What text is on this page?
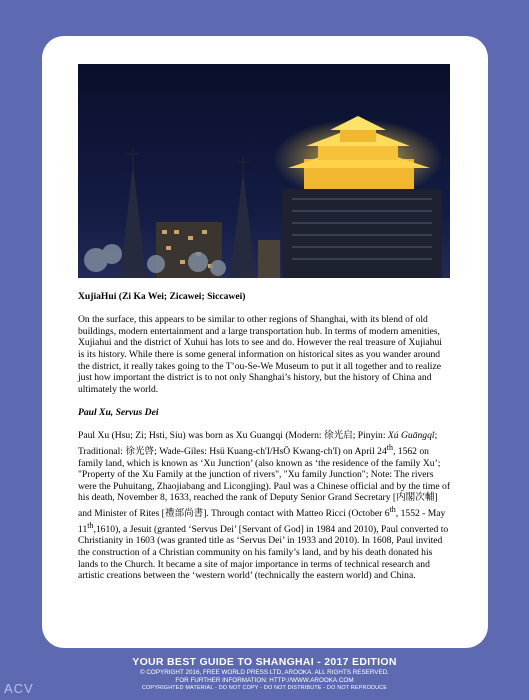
XujiaHui (Zi Ka Wei; Zicawei; Siccawei)

On the surface, this appears to be similar to other regions of Shanghai, with its blend of old buildings, modern entertainment and a large transportation hub. In terms of modern amenities, Xujiahui and the district of Xuhui has lots to see and do. However the real treasure of Xujiahui is its history. While there is some general information on historical sites as you wander around the district, it really takes going to the T’ou-Se-We Museum to put it all together and to realize just how important the district is to not only Shanghai’s history, but the history of China and ultimately the world.

Paul Xu, Servus Dei

Paul Xu (Hsu; Zi; Hsti, Siu) was born as Xu Guangqi (Modern: 徐光启; Pinyin: Xú Guāngqǐ; Traditional: 徐光啓; Wade-Giles: Hsü Kuang-ch'I/HsÖ Kwang-ch'I) on April 24th, 1562 on family land, which is known as ‘Xu Junction’ (also known as ‘the residence of the family Xu’; "Property of the Xu Family at the junction of rivers", "Xu family Junction"; Note: The rivers were the Puhuitang, Zhaojiabang and Licongjing). Paul was a Chinese official and by the time of his death, November 8, 1633, reached the rank of Deputy Senior Grand Secretary [内閣次輔] and Minister of Rites [禮部尚書]. Through contact with Matteo Ricci (October 6th, 1552 - May 11th,1610), a Jesuit (granted ‘Servus Dei’ [Servant of God] in 1984 and 2010), Paul converted to Christianity in 1603 (was granted title as ‘Servus Dei’ in 1933 and 2010). In 1608, Paul invited the construction of a Christian community on his family’s land, and by his death donated his lands to the Church. It became a site of major importance in terms of technical research and artistic creations between the ‘western world’ (technically the eastern world) and China.

YOUR BEST GUIDE TO SHANGHAI - 2017 EDITION
© COPYRIGHT 2016, FREE WORLD PRESS LTD, AROOKA. ALL RIGHTS RESERVED.
FOR FURTHER INFORMATION: HTTP://WWW.AROOKA.COM
COPYRIGHTED MATERIAL - DO NOT COPY - DO NOT DISTRIBUTE - DO NOT REPRODUCE
ACV
